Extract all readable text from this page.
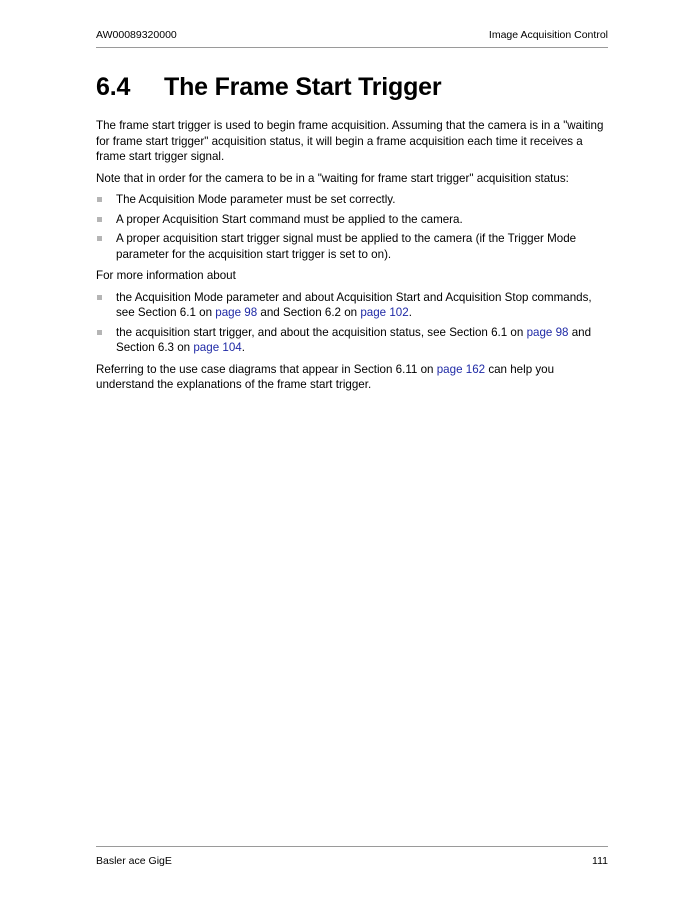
AW00089320000	Image Acquisition Control
6.4 The Frame Start Trigger

The frame start trigger is used to begin frame acquisition. Assuming that the camera is in a "waiting for frame start trigger" acquisition status, it will begin a frame acquisition each time it receives a frame start trigger signal.

Note that in order for the camera to be in a "waiting for frame start trigger" acquisition status:

The Acquisition Mode parameter must be set correctly.
A proper Acquisition Start command must be applied to the camera.
A proper acquisition start trigger signal must be applied to the camera (if the Trigger Mode parameter for the acquisition start trigger is set to on).

For more information about

the Acquisition Mode parameter and about Acquisition Start and Acquisition Stop commands, see Section 6.1 on page 98 and Section 6.2 on page 102.
the acquisition start trigger, and about the acquisition status, see Section 6.1 on page 98 and Section 6.3 on page 104.

Referring to the use case diagrams that appear in Section 6.11 on page 162 can help you understand the explanations of the frame start trigger.

Basler ace GigE	111
